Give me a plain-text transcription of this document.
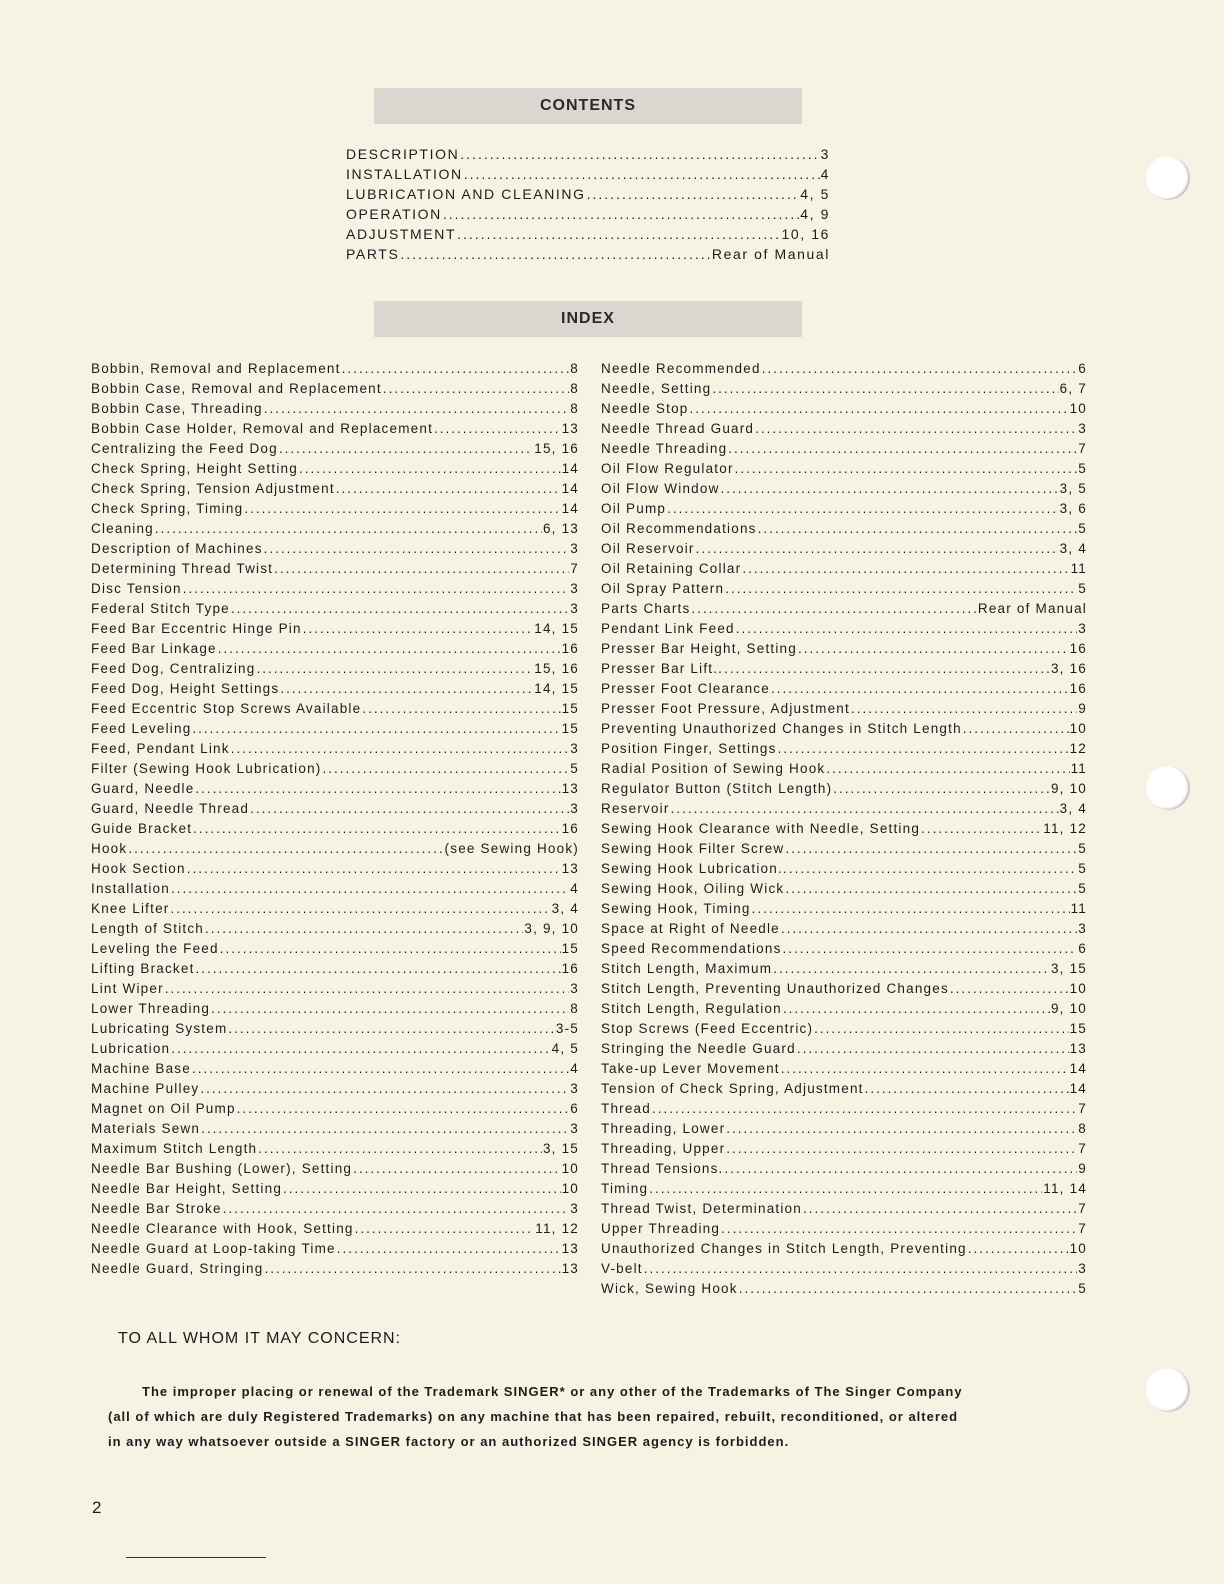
CONTENTS
DESCRIPTION .....	3
INSTALLATION .....	4
LUBRICATION AND CLEANING .....	4, 5
OPERATION .....	4, 9
ADJUSTMENT .....	10, 16
PARTS .....	Rear of Manual
INDEX
Bobbin, Removal and Replacement .....	8
Bobbin Case, Removal and Replacement .....	8
Bobbin Case, Threading .....	8
Bobbin Case Holder, Removal and Replacement .....	13
Centralizing the Feed Dog .....	15, 16
Check Spring, Height Setting .....	14
Check Spring, Tension Adjustment .....	14
Check Spring, Timing .....	14
Cleaning .....	6, 13
Description of Machines .....	3
Determining Thread Twist .....	7
Disc Tension .....	3
Federal Stitch Type .....	3
Feed Bar Eccentric Hinge Pin .....	14, 15
Feed Bar Linkage .....	16
Feed Dog, Centralizing .....	15, 16
Feed Dog, Height Settings .....	14, 15
Feed Eccentric Stop Screws Available .....	15
Feed Leveling .....	15
Feed, Pendant Link .....	3
Filter (Sewing Hook Lubrication) .....	5
Guard, Needle .....	13
Guard, Needle Thread .....	3
Guide Bracket .....	16
Hook .....	(see Sewing Hook)
Hook Section .....	13
Installation .....	4
Knee Lifter .....	3, 4
Length of Stitch .....	3, 9, 10
Leveling the Feed .....	15
Lifting Bracket .....	16
Lint Wiper .....	3
Lower Threading .....	8
Lubricating System .....	3-5
Lubrication .....	4, 5
Machine Base .....	4
Machine Pulley .....	3
Magnet on Oil Pump .....	6
Materials Sewn .....	3
Maximum Stitch Length .....	3, 15
Needle Bar Bushing (Lower), Setting .....	10
Needle Bar Height, Setting .....	10
Needle Bar Stroke .....	3
Needle Clearance with Hook, Setting .....	11, 12
Needle Guard at Loop-taking Time .....	13
Needle Guard, Stringing .....	13
Needle Recommended .....	6
Needle, Setting .....	6, 7
Needle Stop .....	10
Needle Thread Guard .....	3
Needle Threading .....	7
Oil Flow Regulator .....	5
Oil Flow Window .....	3, 5
Oil Pump .....	3, 6
Oil Recommendations .....	5
Oil Reservoir .....	3, 4
Oil Retaining Collar .....	11
Oil Spray Pattern .....	5
Parts Charts .....	Rear of Manual
Pendant Link Feed .....	3
Presser Bar Height, Setting .....	16
Presser Bar Lift.. .....	3, 16
Presser Foot Clearance .....	16
Presser Foot Pressure, Adjustment .....	9
Preventing Unauthorized Changes in Stitch Length .....	10
Position Finger, Settings .....	12
Radial Position of Sewing Hook .....	11
Regulator Button (Stitch Length) .....	9, 10
Reservoir .....	3, 4
Sewing Hook Clearance with Needle, Setting .....	11, 12
Sewing Hook Filter Screw .....	5
Sewing Hook Lubrication.. .....	5
Sewing Hook, Oiling Wick .....	5
Sewing Hook, Timing .....	11
Space at Right of Needle .....	3
Speed Recommendations .....	6
Stitch Length, Maximum .....	3, 15
Stitch Length, Preventing Unauthorized Changes .....	10
Stitch Length, Regulation .....	9, 10
Stop Screws (Feed Eccentric) .....	15
Stringing the Needle Guard .....	13
Take-up Lever Movement .....	14
Tension of Check Spring, Adjustment .....	14
Thread .....	7
Threading, Lower .....	8
Threading, Upper .....	7
Thread Tensions. .....	9
Timing .....	11, 14
Thread Twist, Determination .....	7
Upper Threading .....	7
Unauthorized Changes in Stitch Length, Preventing .....	10
V-belt .....	3
Wick, Sewing Hook .....	5
TO ALL WHOM IT MAY CONCERN:

The improper placing or renewal of the Trademark SINGER* or any other of the Trademarks of The Singer Company

(all of which are duly Registered Trademarks) on any machine that has been repaired, rebuilt, reconditioned, or altered

in any way whatsoever outside a SINGER factory or an authorized SINGER agency is forbidden.

2
